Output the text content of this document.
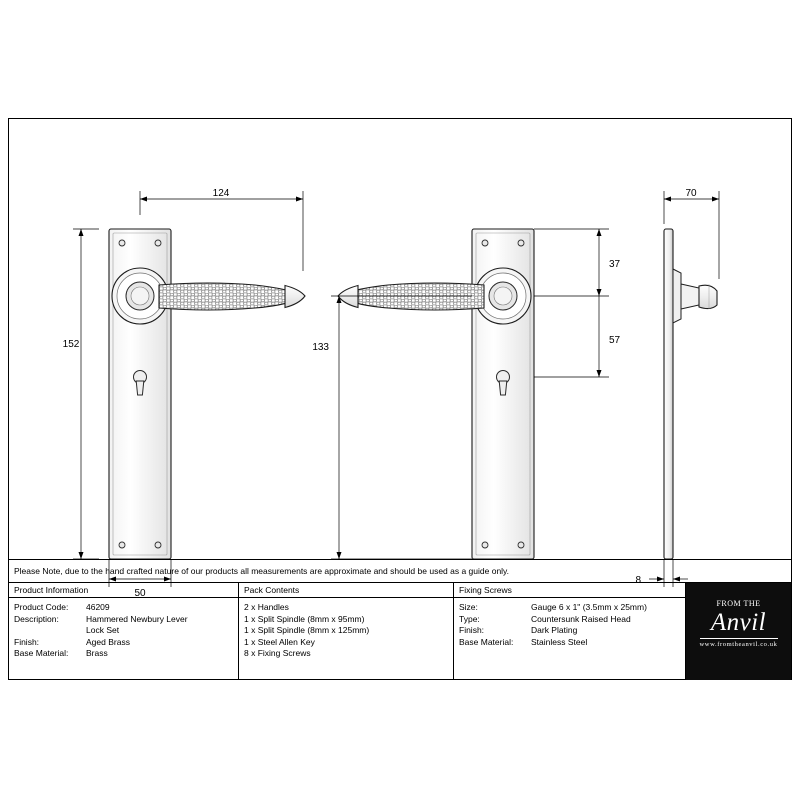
124
152
50
133
37
57
70
8
Please Note, due to the hand crafted nature of our products all measurements are approximate and should be used as a guide only.
Product Information
Product Code:	46209
Description:	Hammered Newbury Lever
Lock Set
Finish:	Aged Brass
Base Material:	Brass
Pack Contents
2 x Handles
1 x Split Spindle (8mm x 95mm)
1 x Split Spindle (8mm x 125mm)
1 x Steel Allen Key
8 x Fixing Screws
Fixing Screws
Size:	Gauge 6 x 1" (3.5mm x 25mm)
Type:	Countersunk Raised Head
Finish:	Dark Plating
Base Material:	Stainless Steel
FROM THE
Anvil
www.fromtheanvil.co.uk
